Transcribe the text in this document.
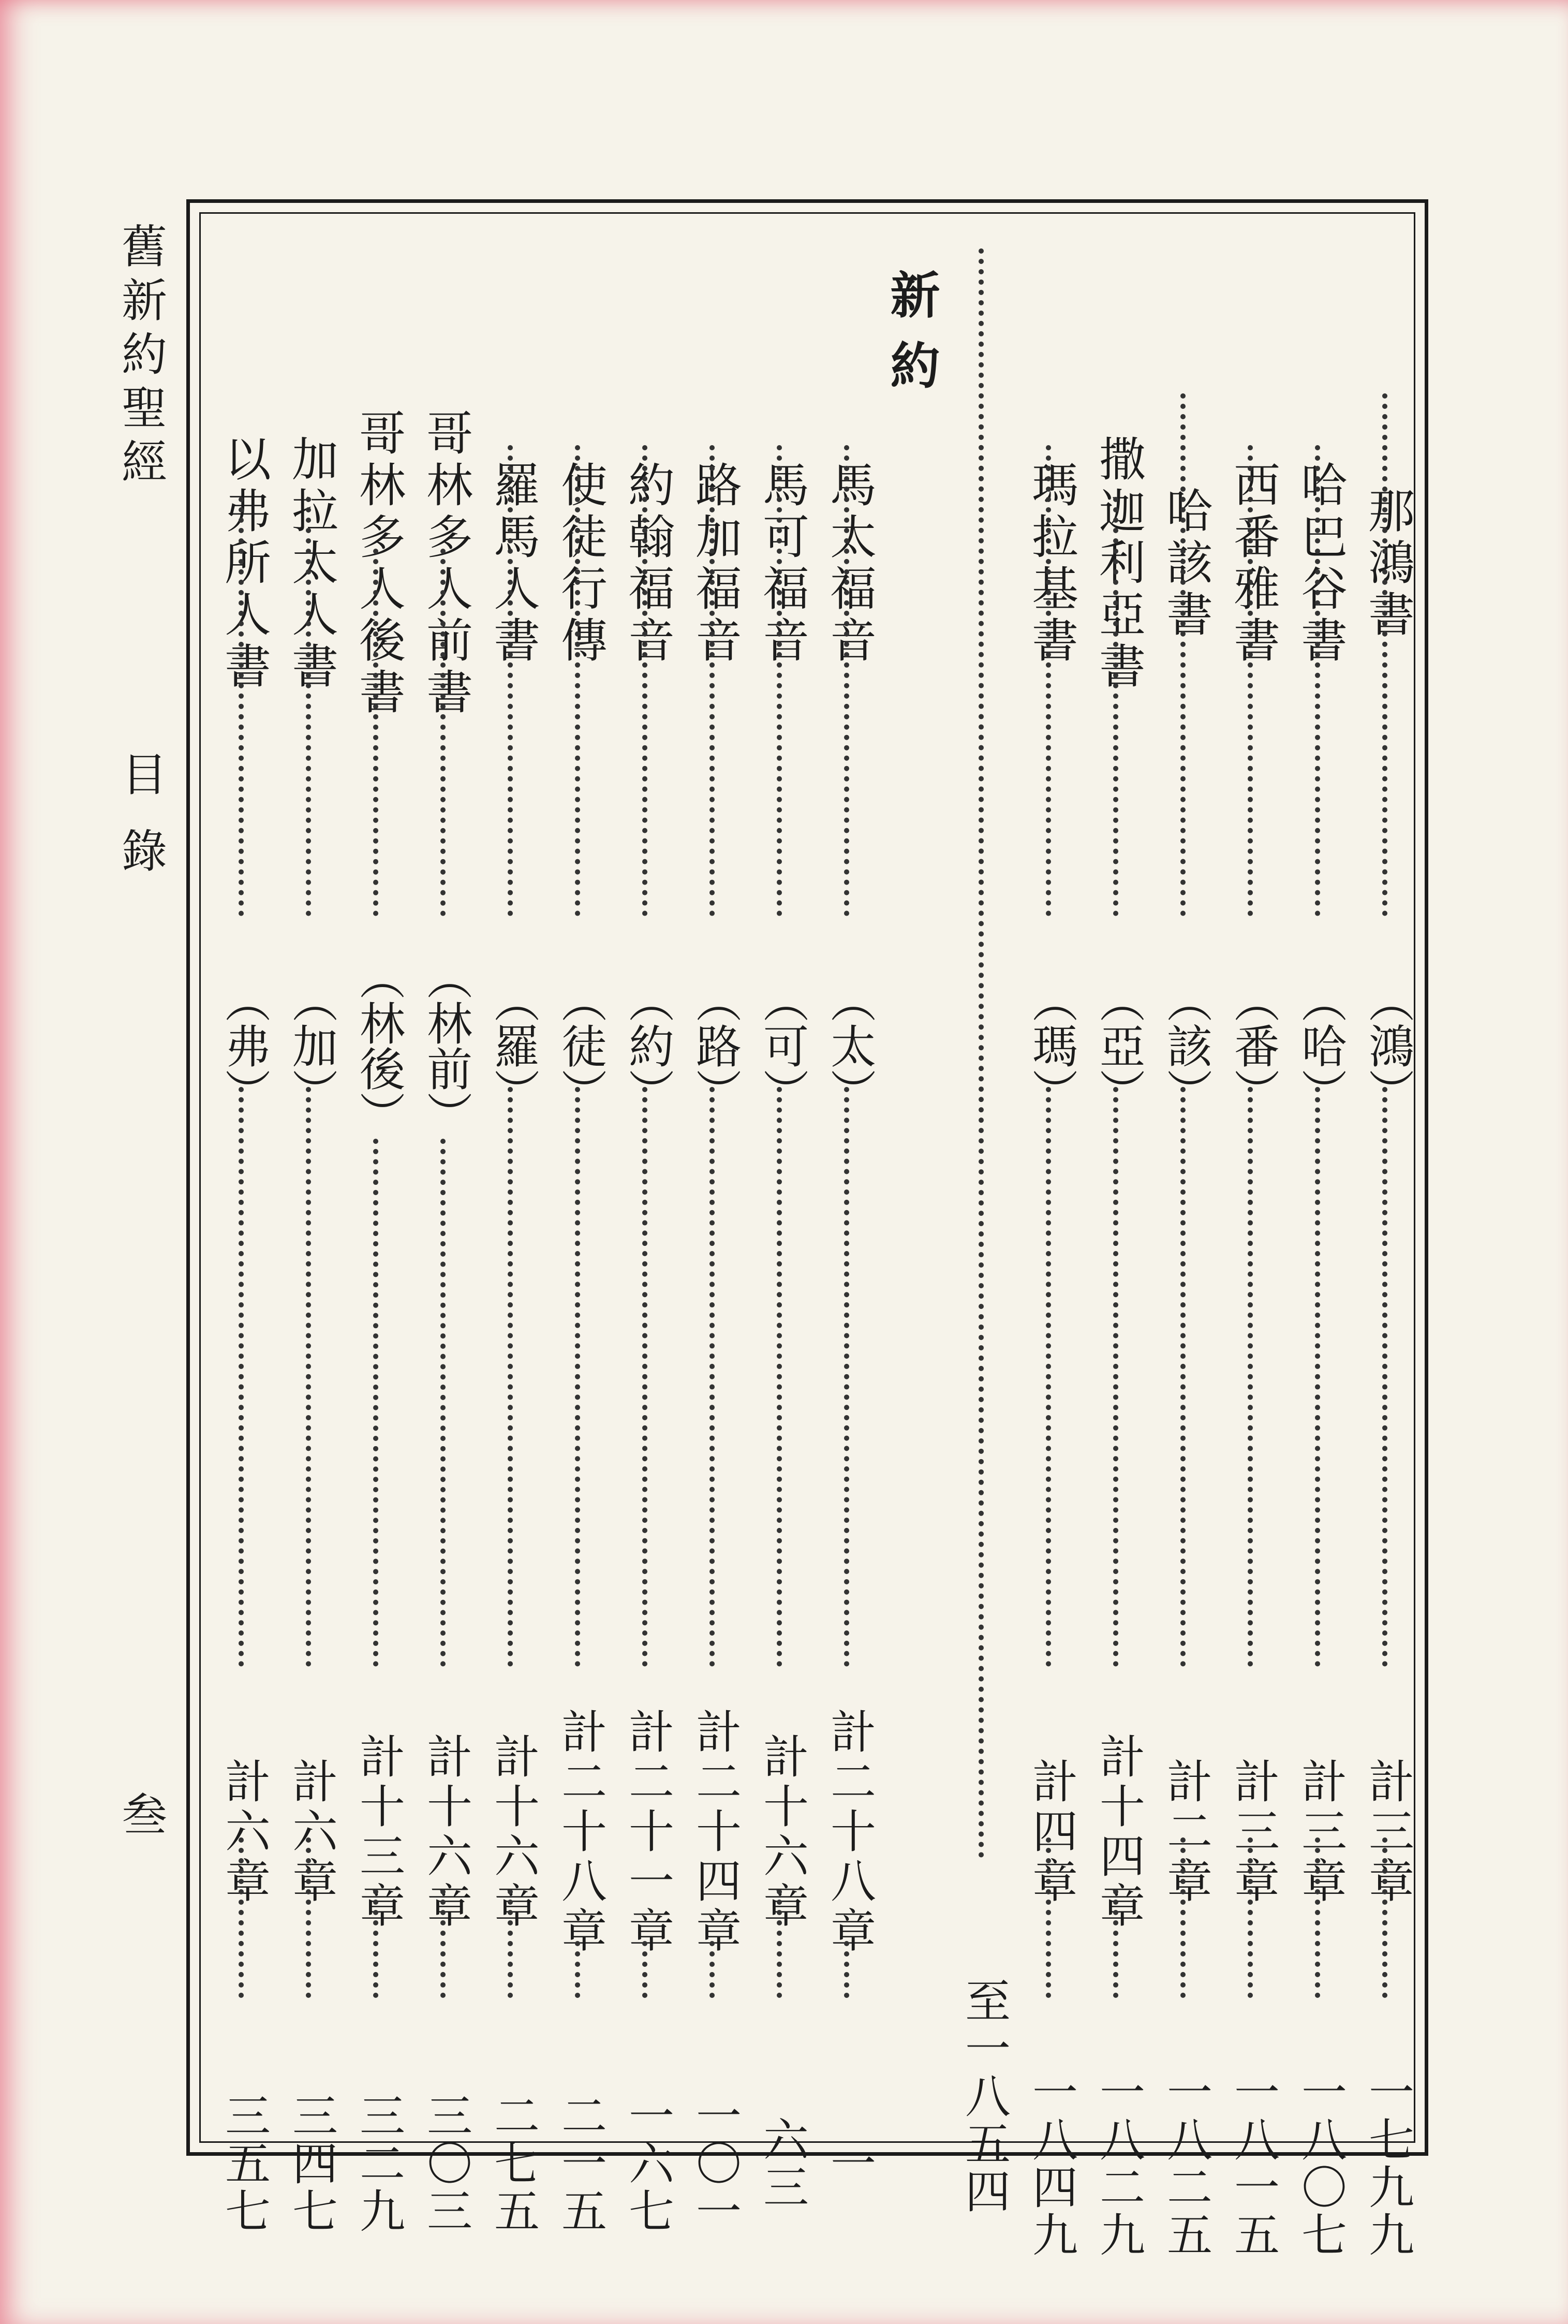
舊新約聖經
目錄
叁
那鴻書
（鴻）
計三章
一七九九
哈巴谷書
（哈）
計三章
一八〇七
西番雅書
（番）
計三章
一八一五
哈該書
（該）
計二章
一八二五
撒迦利亞書
（亞）
計十四章
一八二九
瑪拉基書
（瑪）
計四章
一八四九
至一八五四
新約
馬太福音
（太）
計二十八章
一
馬可福音
（可）
計十六章
六三
路加福音
（路）
計二十四章
一〇一
約翰福音
（約）
計二十一章
一六七
使徒行傳
（徒）
計二十八章
二一五
羅馬人書
（羅）
計十六章
二七五
哥林多人前書
（林前）
計十六章
三〇三
哥林多人後書
（林後）
計十三章
三二九
加拉太人書
（加）
計六章
三四七
以弗所人書
（弗）
計六章
三五七
